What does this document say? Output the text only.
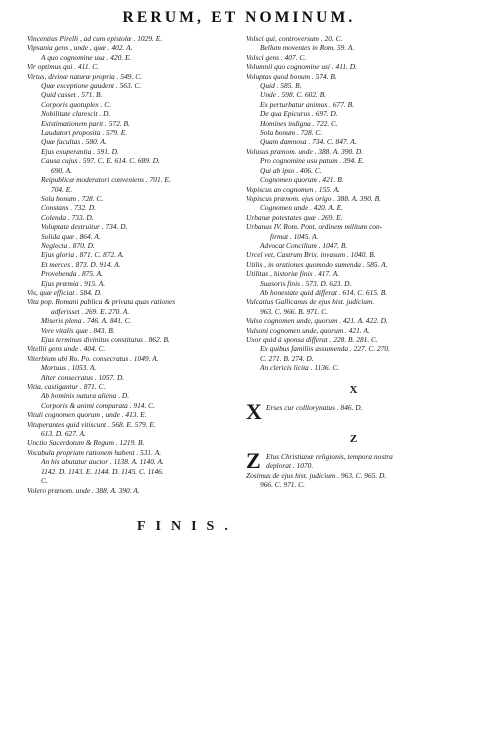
RERUM, ET NOMINUM.
Vincentius Pirelli , ad cum epistolæ . 1029. E.
Vipsania gens , unde , quæ . 402. A.
A quo cognomine usa . 420. E.
Vir optimus qui . 411. C.
Virtus, divinæ naturæ propria . 549. C.
Quæ exceptione gaudent . 563. C.
Quid casset . 571. B.
Corporis quotuplex . C.
Nobilitate clarescit . D.
Existimationem parit . 572. B.
Laudatori proposita . 579. E.
Quæ facultas . 580. A.
Ejus exuperantia . 591. D.
Causa cujus . 597. C. E. 614. C. 689. D.
690. A.
Reipublicæ moderatori conveniens . 701. E.
704. E.
Sola bonum . 728. C.
Constans . 732. D.
Colenda . 733. D.
Voluptate destruitur . 734. D.
Solida quæ . 864. A.
Neglecta . 870. D.
Ejus gloria . 871. C. 872. A.
Et merces . 873. D. 914. A.
Provehenda . 875. A.
Ejus præmia . 915. A.
Vis, quæ efficiat . 584. D.
Vita pop. Romani publica & privata quas rationes
adferisset . 269. E. 270. A.
Miseris plena . 746. A. 841. C.
Vere vitalis quæ . 843. B.
Ejus terminus divinitus constitutus . 862. B.
Vitellii gens unde . 404. C.
Viterbium ubi Ro. Po. consecratus . 1049. A.
Mortuus . 1053. A.
Alter consecratus . 1057. D.
Vitia, castigantur . 871. C.
Ab hominis natura aliena . D.
Corporis & animi comparata . 914. C.
Vituli cognomen quorum , unde . 413. E.
Vituperantes quid vitiscunt . 568. E. 579. E.
613. D. 627. A.
Unctio Sacerdotum & Regum . 1219. B.
Vocabula propriam rationem habent . 531. A.
An his abutatur auctor . 1138. A. 1140. A.
1142. D. 1143. E. 1144. D. 1145. C. 1146.
C.
Volero prænom. unde . 388. A. 390. A.
Volsci qui, controversum . 20. C.
Bellum moventes in Rom. 59. A.
Volsci gens . 407. C.
Volumnii quo cognomine usi . 411. D.
Voluptas quod bonum . 574. B.
Quid . 585. B.
Unde . 598. C. 602. B.
Ex perturbatur animus . 677. B.
De qua Epicurus . 697. D.
Homines indigna . 722. C.
Sola bonum . 728. C.
Quam damnosa . 734. C. 847. A.
Volusus prænom. unde . 388. A. 390. D.
Pro cognomine usu patum . 394. E.
Qui ab ipso . 406. C.
Cognomen quorum . 421. B.
Vopiscus an cognomen . 155. A.
Vopiscus prænom. ejus origo . 388. A. 390. B.
Cognomen unde . 420. A. E.
Urbanæ potestates quæ . 269. E.
Urbanus IV. Rom. Pont. ordinem militum con-
firmat . 1045. A.
Advocat Concilium . 1047. B.
Urceï vet, Castrum Brix. invasum . 1040. B.
Utilis , in orationes quomodo sumenda . 585. A.
Utilitas , historiæ finis . 417. A.
Suasoris finis . 573. D. 623. D.
Ab honestate quid differat . 614. C. 615. B.
Vulcatius Gallicanus de ejus hist. judicium.
963. C. 966. B. 971. C.
Vulso cognomen unde, quorum . 421. A. 422. D.
Vulsoni cognomen unde, quorum . 421. A.
Uxor quid à sponsa differat . 228. B. 281. C.
Ex quibus familiis assumenda . 227. C. 270.
C. 271. B. 274. D.
An clericis licita . 1136. C.
X
X Erses cur colliorynatus . 846. D.
Z
Z Elus Christianæ religionis, tempora nostra
deplorat . 1070.
Zosimus de ejus hist. judicium . 963. C. 965. D.
966. C. 971. C.
FINIS.
